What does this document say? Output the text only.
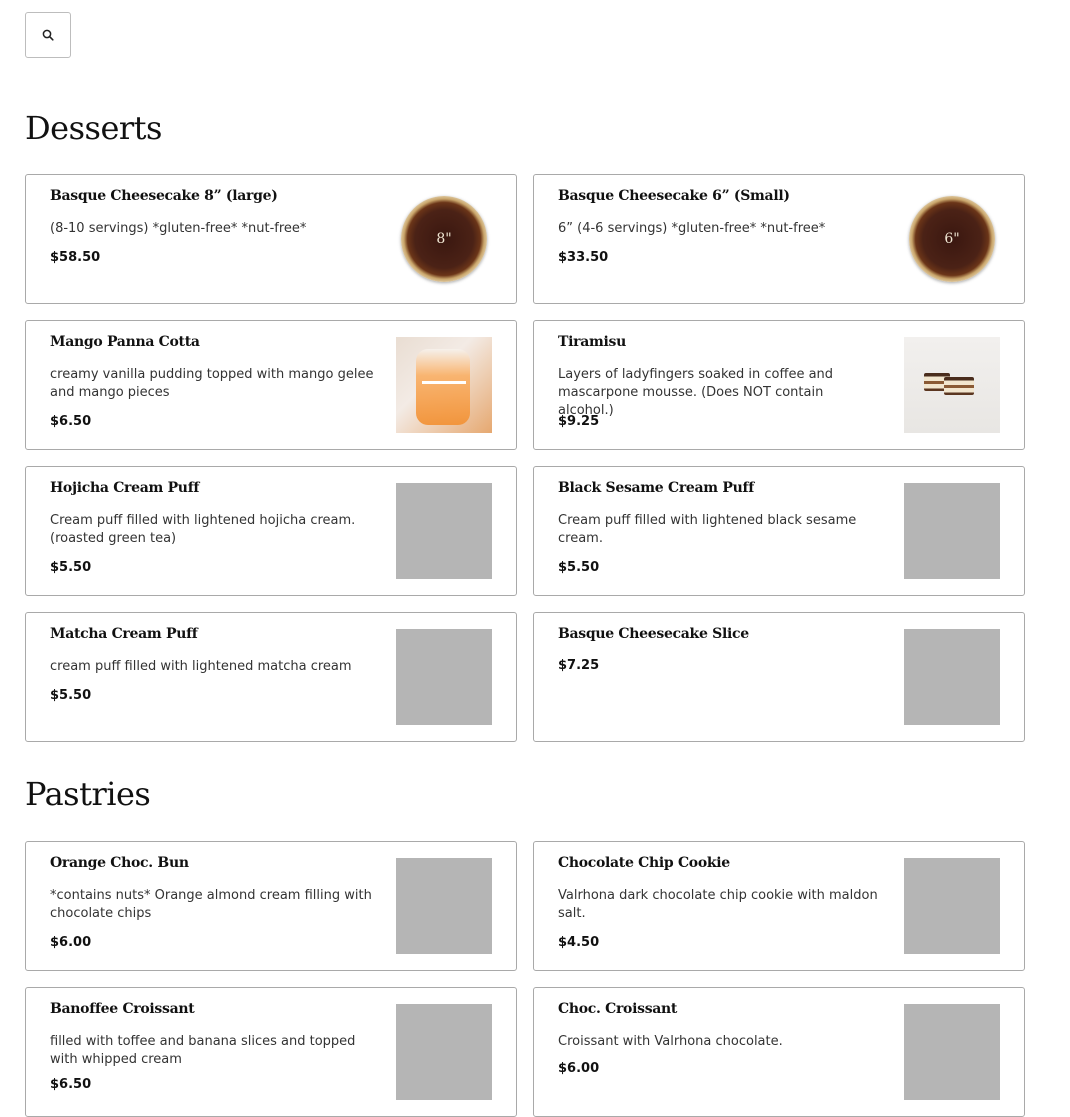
Desserts
Basque Cheesecake 8” (large)
(8-10 servings) *gluten-free* *nut-free*
$58.50
8"
Basque Cheesecake 6” (Small)
6” (4-6 servings) *gluten-free* *nut-free*
$33.50
6"
Mango Panna Cotta
creamy vanilla pudding topped with mango gelee and mango pieces
$6.50
Tiramisu
Layers of ladyfingers soaked in coffee and mascarpone mousse. (Does NOT contain alcohol.)
$9.25
Hojicha Cream Puff
Cream puff filled with lightened hojicha cream. (roasted green tea)
$5.50
Black Sesame Cream Puff
Cream puff filled with lightened black sesame cream.
$5.50
Matcha Cream Puff
cream puff filled with lightened matcha cream
$5.50
Basque Cheesecake Slice
$7.25
Pastries
Orange Choc. Bun
*contains nuts* Orange almond cream filling with chocolate chips
$6.00
Chocolate Chip Cookie
Valrhona dark chocolate chip cookie with maldon salt.
$4.50
Banoffee Croissant
filled with toffee and banana slices and topped with whipped cream
$6.50
Choc. Croissant
Croissant with Valrhona chocolate.
$6.00
